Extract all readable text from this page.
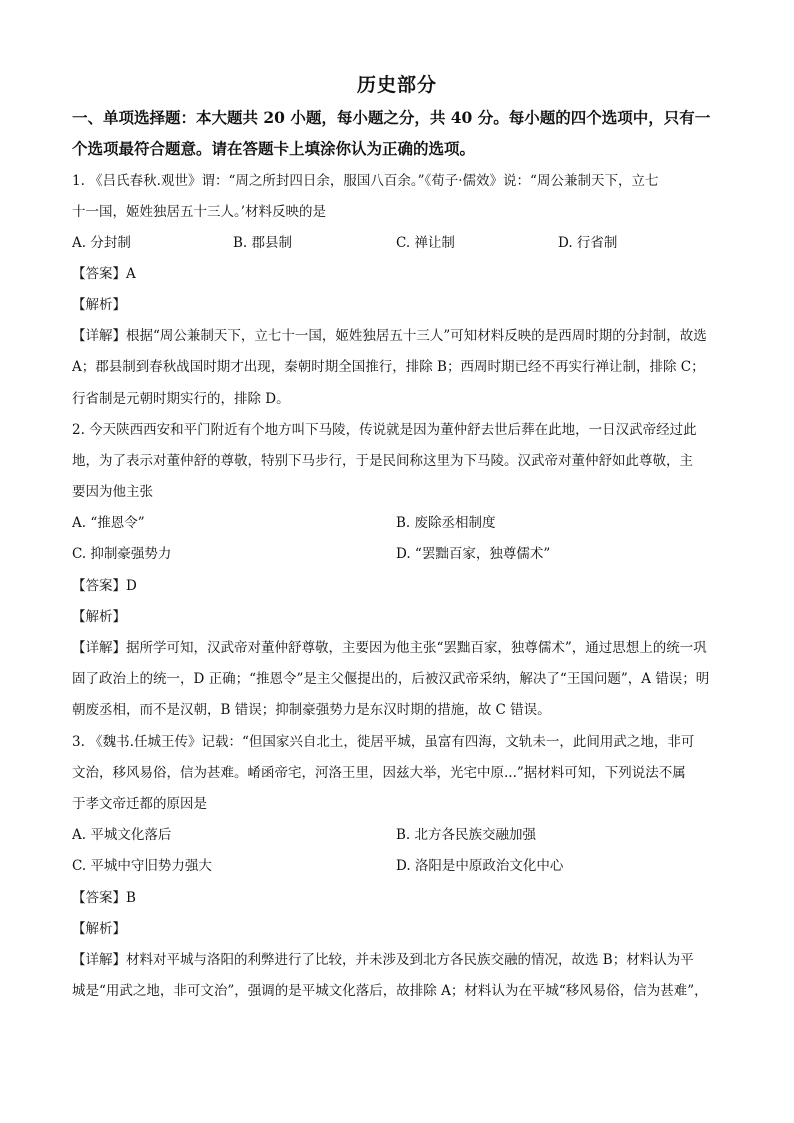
历史部分
一、单项选择题：本大题共 20 小题，每小题之分，共 40 分。每小题的四个选项中，只有一
个选项最符合题意。请在答题卡上填涂你认为正确的选项。
1. 《吕氏春秋.观世》谓：“周之所封四日余，服国八百余。”《荀子·儒效》说：“周公兼制天下，立七
十一国，姬姓独居五十三人。’材料反映的是
A. 分封制	B. 郡县制	C. 禅让制	D. 行省制
【答案】A
【解析】
【详解】根据“周公兼制天下，立七十一国，姬姓独居五十三人”可知材料反映的是西周时期的分封制，故选
A；郡县制到春秋战国时期才出现，秦朝时期全国推行，排除 B；西周时期已经不再实行禅让制，排除 C；
行省制是元朝时期实行的，排除 D。
2. 今天陕西西安和平门附近有个地方叫下马陵，传说就是因为董仲舒去世后葬在此地，一日汉武帝经过此
地，为了表示对董仲舒的尊敬，特别下马步行，于是民间称这里为下马陵。汉武帝对董仲舒如此尊敬，主
要因为他主张
A. “推恩令”	B. 废除丞相制度
C. 抑制豪强势力	D. “罢黜百家，独尊儒术”
【答案】D
【解析】
【详解】据所学可知，汉武帝对董仲舒尊敬，主要因为他主张“罢黜百家，独尊儒术”，通过思想上的统一巩
固了政治上的统一，D 正确；“推恩令”是主父偃提出的，后被汉武帝采纳，解决了“王国问题”，A 错误；明
朝废丞相，而不是汉朝，B 错误；抑制豪强势力是东汉时期的措施，故 C 错误。
3. 《魏书.任城王传》记载：“但国家兴自北土，徙居平城，虽富有四海，文轨未一，此间用武之地，非可
文治，移风易俗，信为甚难。崤函帝宅，河洛王里，因兹大举，光宅中原...”据材料可知，下列说法不属
于孝文帝迁都的原因是
A. 平城文化落后	B. 北方各民族交融加强
C. 平城中守旧势力强大	D. 洛阳是中原政治文化中心
【答案】B
【解析】
【详解】材料对平城与洛阳的利弊进行了比较，并未涉及到北方各民族交融的情况，故选 B；材料认为平
城是“用武之地，非可文治”，强调的是平城文化落后，故排除 A；材料认为在平城“移风易俗，信为甚难”，
